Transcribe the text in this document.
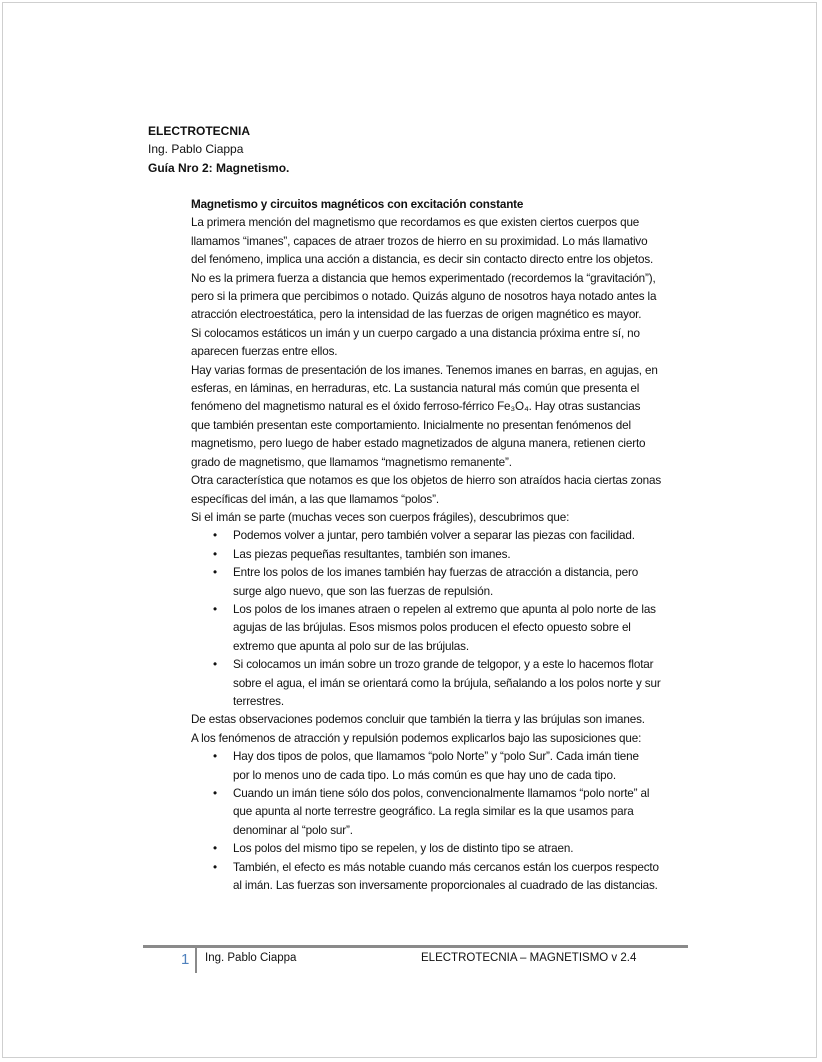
ELECTROTECNIA
Ing. Pablo Ciappa
Guía Nro 2: Magnetismo.
Magnetismo y circuitos magnéticos con excitación constante
La primera mención del magnetismo que recordamos es que existen ciertos cuerpos que
llamamos “imanes”, capaces de atraer trozos de hierro en su proximidad. Lo más llamativo
del fenómeno, implica una acción a distancia, es decir sin contacto directo entre los objetos.
No es la primera fuerza a distancia que hemos experimentado (recordemos la “gravitación”),
pero si la primera que percibimos o notado. Quizás alguno de nosotros haya notado antes la
atracción electroestática, pero la intensidad de las fuerzas de origen magnético es mayor.
Si colocamos estáticos un imán y un cuerpo cargado a una distancia próxima entre sí, no
aparecen fuerzas entre ellos.
Hay varias formas de presentación de los imanes. Tenemos imanes en barras, en agujas, en
esferas, en láminas, en herraduras, etc. La sustancia natural más común que presenta el
fenómeno del magnetismo natural es el óxido ferroso-férrico Fe₃O₄. Hay otras sustancias
que también presentan este comportamiento. Inicialmente no presentan fenómenos del
magnetismo, pero luego de haber estado magnetizados de alguna manera, retienen cierto
grado de magnetismo, que llamamos “magnetismo remanente”.
Otra característica que notamos es que los objetos de hierro son atraídos hacia ciertas zonas
específicas del imán, a las que llamamos “polos”.
Si el imán se parte (muchas veces son cuerpos frágiles), descubrimos que:
• Podemos volver a juntar, pero también volver a separar las piezas con facilidad.
• Las piezas pequeñas resultantes, también son imanes.
• Entre los polos de los imanes también hay fuerzas de atracción a distancia, pero
surge algo nuevo, que son las fuerzas de repulsión.
• Los polos de los imanes atraen o repelen al extremo que apunta al polo norte de las
agujas de las brújulas. Esos mismos polos producen el efecto opuesto sobre el
extremo que apunta al polo sur de las brújulas.
• Si colocamos un imán sobre un trozo grande de telgopor, y a este lo hacemos flotar
sobre el agua, el imán se orientará como la brújula, señalando a los polos norte y sur
terrestres.
De estas observaciones podemos concluir que también la tierra y las brújulas son imanes.
A los fenómenos de atracción y repulsión podemos explicarlos bajo las suposiciones que:
• Hay dos tipos de polos, que llamamos “polo Norte” y “polo Sur”. Cada imán tiene
por lo menos uno de cada tipo. Lo más común es que hay uno de cada tipo.
• Cuando un imán tiene sólo dos polos, convencionalmente llamamos “polo norte” al
que apunta al norte terrestre geográfico. La regla similar es la que usamos para
denominar al “polo sur”.
• Los polos del mismo tipo se repelen, y los de distinto tipo se atraen.
• También, el efecto es más notable cuando más cercanos están los cuerpos respecto
al imán. Las fuerzas son inversamente proporcionales al cuadrado de las distancias.
1 Ing. Pablo Ciappa	ELECTROTECNIA – MAGNETISMO v 2.4
